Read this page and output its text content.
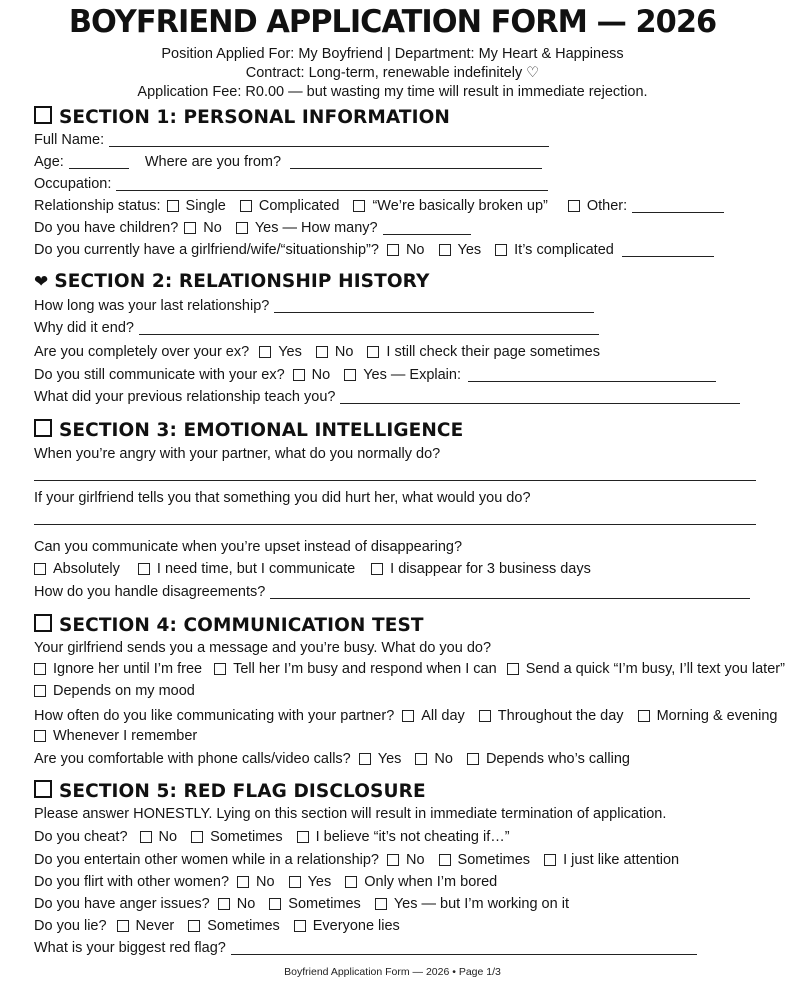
BOYFRIEND APPLICATION FORM — 2026
Position Applied For: My Boyfriend | Department: My Heart & Happiness
Contract: Long-term, renewable indefinitely ♡
Application Fee: R0.00 — but wasting my time will result in immediate rejection.
SECTION 1: PERSONAL INFORMATION
Full Name:
Age:	Where are you from?
Occupation:
Relationship status: Single Complicated “We’re basically broken up”	Other:
Do you have children? No Yes — How many?
Do you currently have a girlfriend/wife/“situationship”? No Yes It’s complicated
❤ SECTION 2: RELATIONSHIP HISTORY
How long was your last relationship?
Why did it end?
Are you completely over your ex? Yes No I still check their page sometimes
Do you still communicate with your ex? No Yes — Explain:
What did your previous relationship teach you?
SECTION 3: EMOTIONAL INTELLIGENCE
When you’re angry with your partner, what do you normally do?
If your girlfriend tells you that something you did hurt her, what would you do?
Can you communicate when you’re upset instead of disappearing?
Absolutely	I need time, but I communicate I disappear for 3 business days
How do you handle disagreements?
SECTION 4: COMMUNICATION TEST
Your girlfriend sends you a message and you’re busy. What do you do?
Ignore her until I’m free Tell her I’m busy and respond when I can Send a quick “I’m busy, I’ll text you later”
Depends on my mood
How often do you like communicating with your partner? All day Throughout the day Morning & evening
Whenever I remember
Are you comfortable with phone calls/video calls? Yes No Depends who’s calling
SECTION 5: RED FLAG DISCLOSURE
Please answer HONESTLY. Lying on this section will result in immediate termination of application.
Do you cheat? No Sometimes I believe “it’s not cheating if…”
Do you entertain other women while in a relationship? No Sometimes I just like attention
Do you flirt with other women? No Yes Only when I’m bored
Do you have anger issues? No Sometimes Yes — but I’m working on it
Do you lie? Never Sometimes Everyone lies
What is your biggest red flag?
Boyfriend Application Form — 2026 • Page 1/3
